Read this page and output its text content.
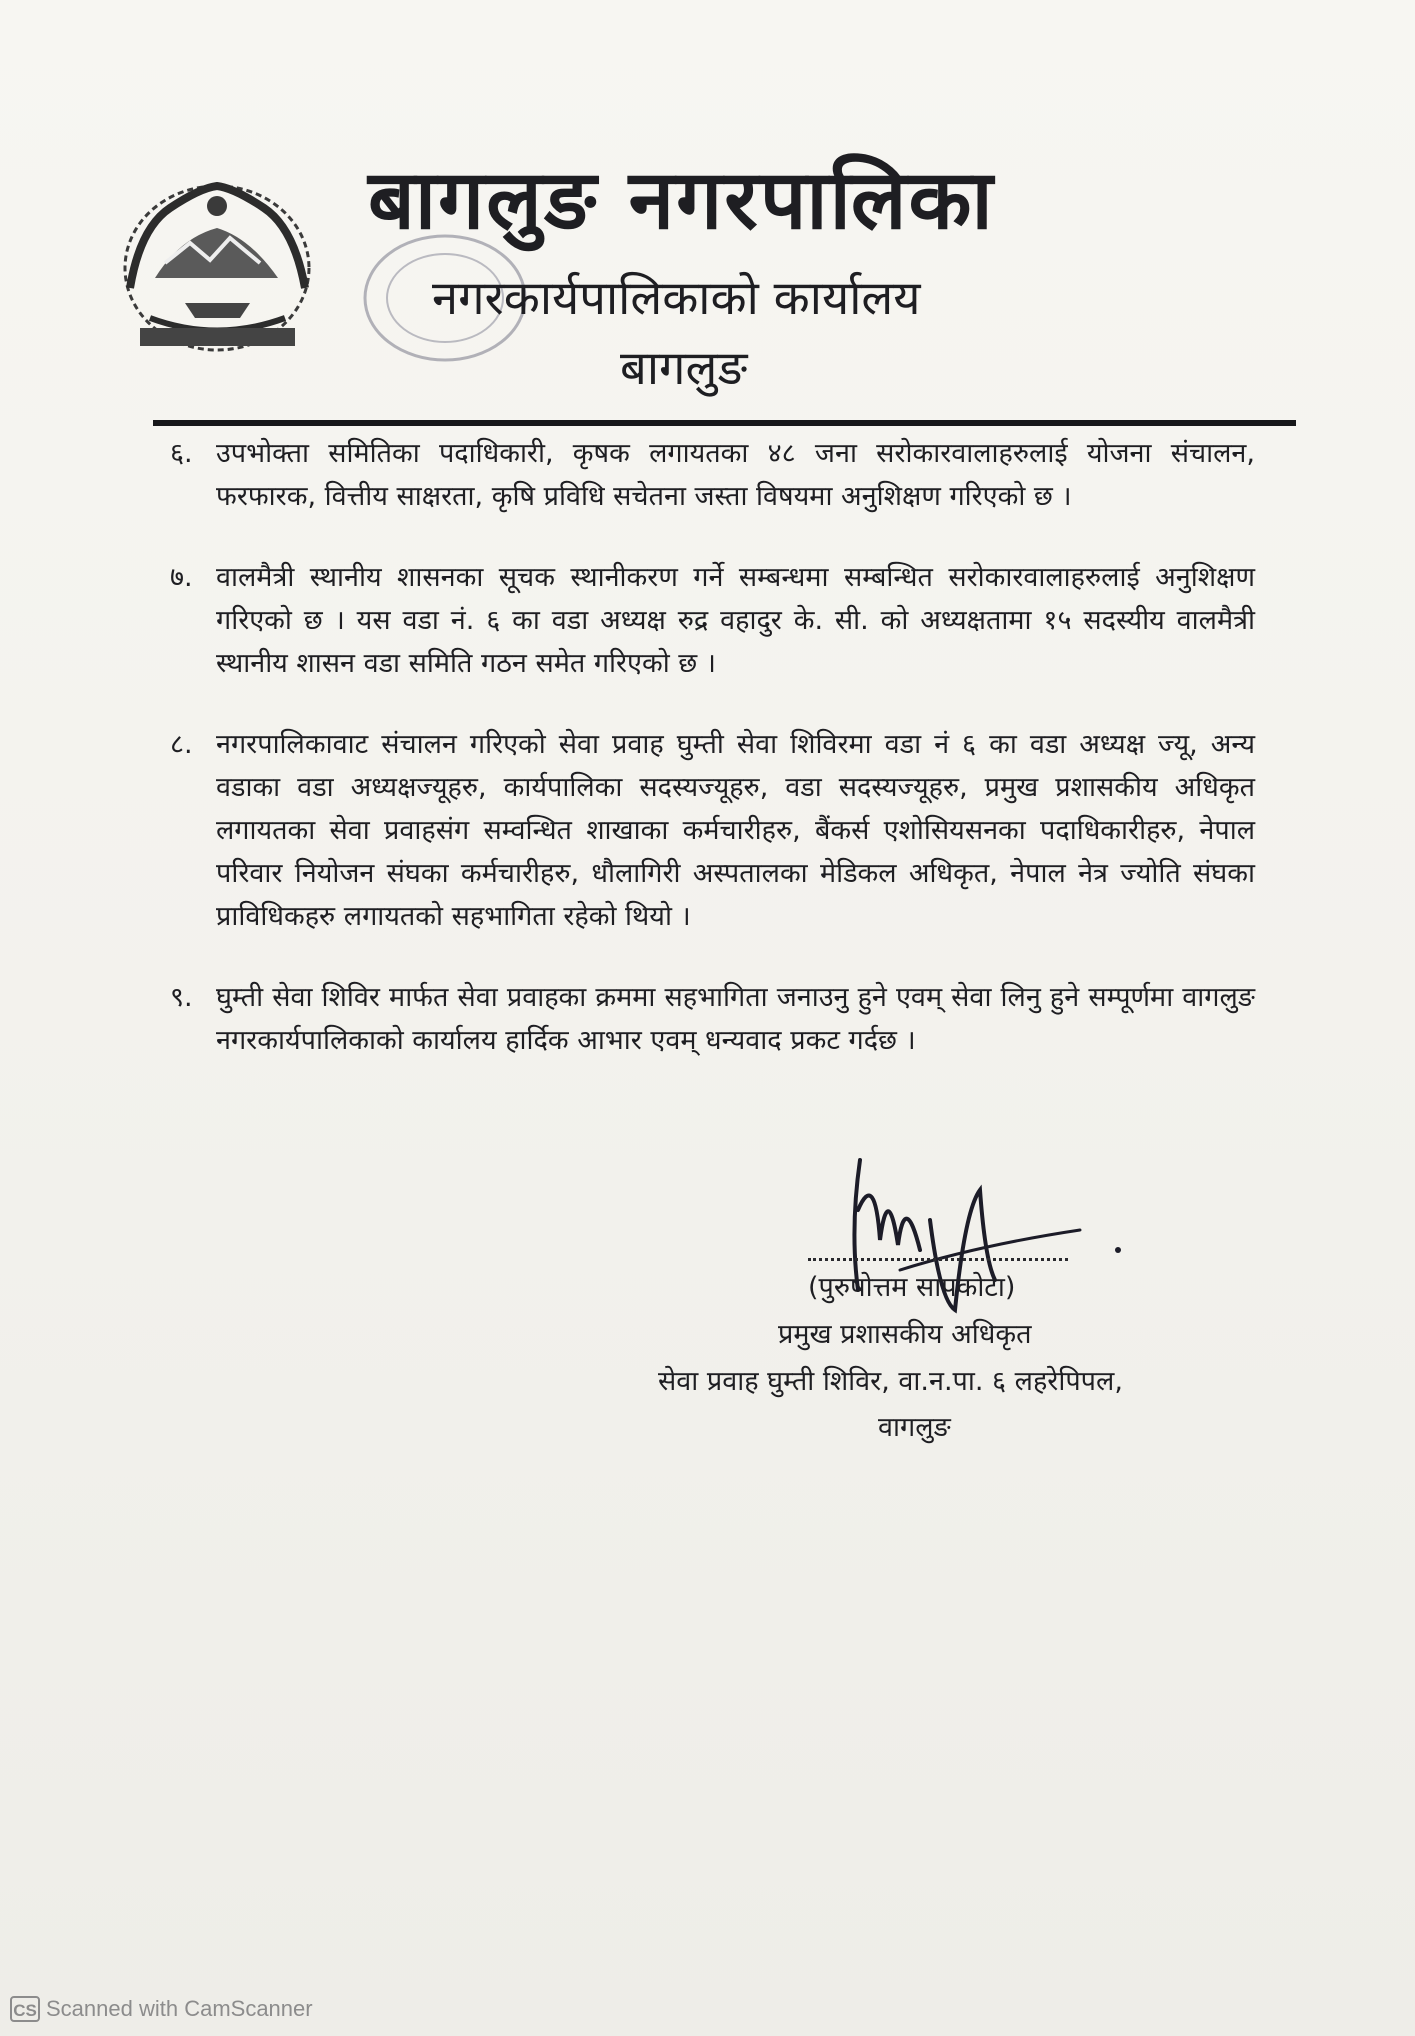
बागलुङ नगरपालिका
नगरकार्यपालिकाको कार्यालय
बागलुङ
६. उपभोक्ता समितिका पदाधिकारी, कृषक लगायतका ४८ जना सरोकारवालाहरुलाई योजना संचालन, फरफारक, वित्तीय साक्षरता, कृषि प्रविधि सचेतना जस्ता विषयमा अनुशिक्षण गरिएको छ ।
७. वालमैत्री स्थानीय शासनका सूचक स्थानीकरण गर्ने सम्बन्धमा सम्बन्धित सरोकारवालाहरुलाई अनुशिक्षण गरिएको छ । यस वडा नं. ६ का वडा अध्यक्ष रुद्र वहादुर के. सी. को अध्यक्षतामा १५ सदस्यीय वालमैत्री स्थानीय शासन वडा समिति गठन समेत गरिएको छ ।
८. नगरपालिकावाट संचालन गरिएको सेवा प्रवाह घुम्ती सेवा शिविरमा वडा नं ६ का वडा अध्यक्ष ज्यू, अन्य वडाका वडा अध्यक्षज्यूहरु, कार्यपालिका सदस्यज्यूहरु, वडा सदस्यज्यूहरु, प्रमुख प्रशासकीय अधिकृत लगायतका सेवा प्रवाहसंग सम्वन्धित शाखाका कर्मचारीहरु, बैंकर्स एशोसियसनका पदाधिकारीहरु, नेपाल परिवार नियोजन संघका कर्मचारीहरु, धौलागिरी अस्पतालका मेडिकल अधिकृत, नेपाल नेत्र ज्योति संघका प्राविधिकहरु लगायतको सहभागिता रहेको थियो ।
९. घुम्ती सेवा शिविर मार्फत सेवा प्रवाहका क्रममा सहभागिता जनाउनु हुने एवम् सेवा लिनु हुने सम्पूर्णमा वागलुङ नगरकार्यपालिकाको कार्यालय हार्दिक आभार एवम् धन्यवाद प्रकट गर्दछ ।
(पुरुषोत्तम सापकोटा)
प्रमुख प्रशासकीय अधिकृत
सेवा प्रवाह घुम्ती शिविर, वा.न.पा. ६ लहरेपिपल,
वागलुङ
CS Scanned with CamScanner
